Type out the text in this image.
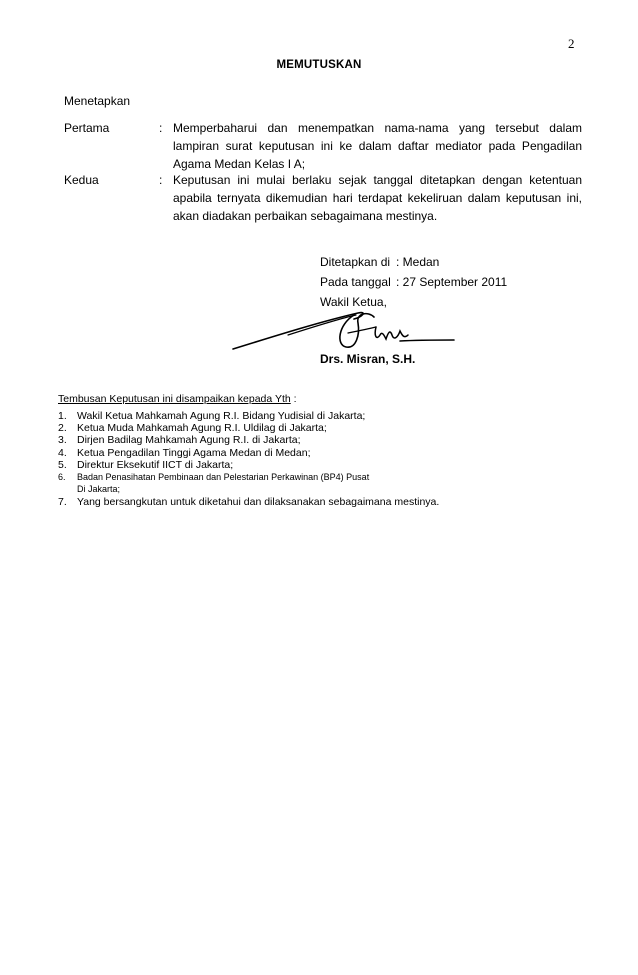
2
MEMUTUSKAN
Menetapkan
Pertama	: Memperbaharui dan menempatkan nama-nama yang tersebut dalam lampiran surat keputusan ini ke dalam daftar mediator pada Pengadilan Agama Medan Kelas I A;
Kedua	: Keputusan ini mulai berlaku sejak tanggal ditetapkan dengan ketentuan apabila ternyata dikemudian hari terdapat kekeliruan dalam keputusan ini, akan diadakan perbaikan sebagaimana mestinya.
Ditetapkan di : Medan
Pada tanggal : 27 September 2011
Wakil Ketua,
Drs. Misran, S.H.
Tembusan Keputusan ini disampaikan kepada Yth :
1. Wakil Ketua Mahkamah Agung R.I. Bidang Yudisial di Jakarta;
2. Ketua Muda Mahkamah Agung R.I. Uldilag di Jakarta;
3. Dirjen Badilag Mahkamah Agung R.I. di Jakarta;
4. Ketua Pengadilan Tinggi Agama Medan di Medan;
5. Direktur Eksekutif IICT di Jakarta;
6. Badan Penasihatan Pembinaan dan Pelestarian Perkawinan (BP4) Pusat
Di Jakarta;
7. Yang bersangkutan untuk diketahui dan dilaksanakan sebagaimana mestinya.
